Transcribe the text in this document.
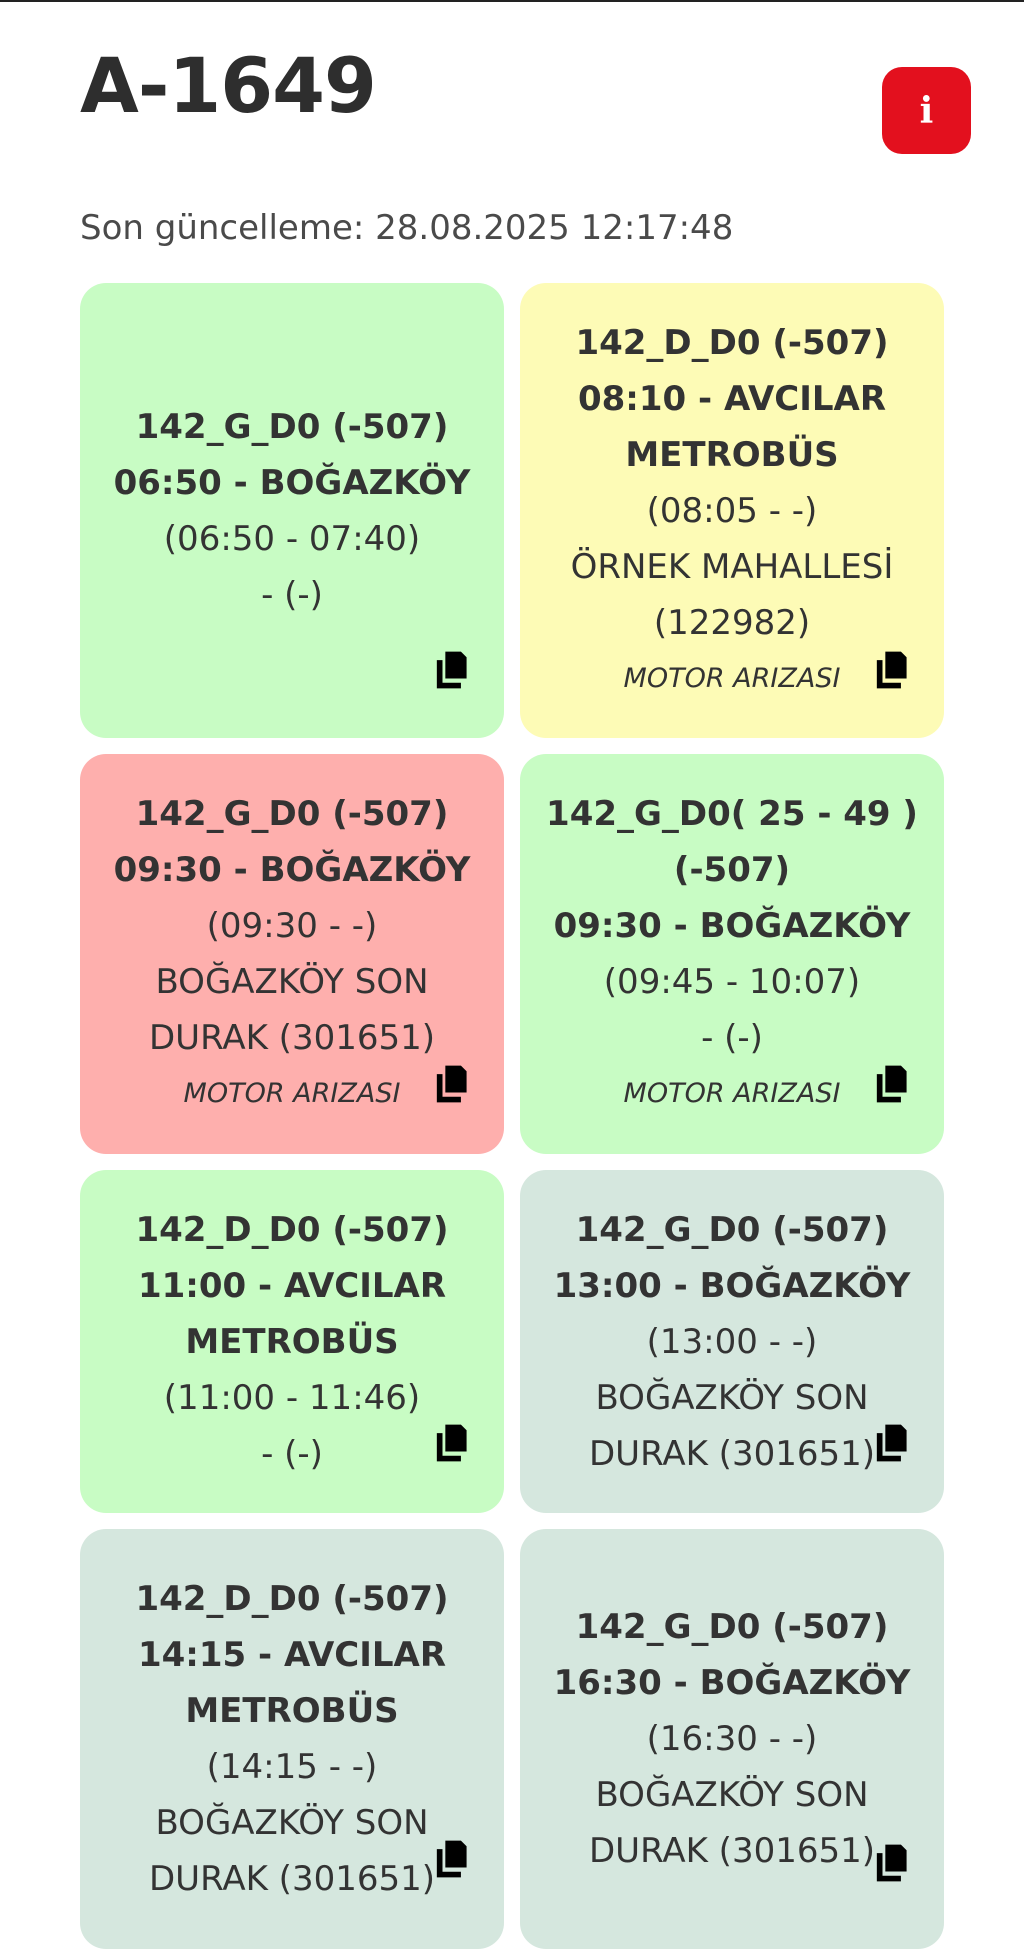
A-1649	i
Son güncelleme: 28.08.2025 12:17:48
142_G_D0 (-507)
06:50 - BOĞAZKÖY
(06:50 - 07:40)
- (-)
142_D_D0 (-507)
08:10 - AVCILAR
METROBÜS
(08:05 - -)
ÖRNEK MAHALLESİ
(122982)
MOTOR ARIZASI
142_G_D0 (-507)
09:30 - BOĞAZKÖY
(09:30 - -)
BOĞAZKÖY SON
DURAK (301651)
MOTOR ARIZASI
142_G_D0( 25 - 49 )
(-507)
09:30 - BOĞAZKÖY
(09:45 - 10:07)
- (-)
MOTOR ARIZASI
142_D_D0 (-507)
11:00 - AVCILAR
METROBÜS
(11:00 - 11:46)
- (-)
142_G_D0 (-507)
13:00 - BOĞAZKÖY
(13:00 - -)
BOĞAZKÖY SON
DURAK (301651)
142_D_D0 (-507)
14:15 - AVCILAR
METROBÜS
(14:15 - -)
BOĞAZKÖY SON
DURAK (301651)
142_G_D0 (-507)
16:30 - BOĞAZKÖY
(16:30 - -)
BOĞAZKÖY SON
DURAK (301651)
